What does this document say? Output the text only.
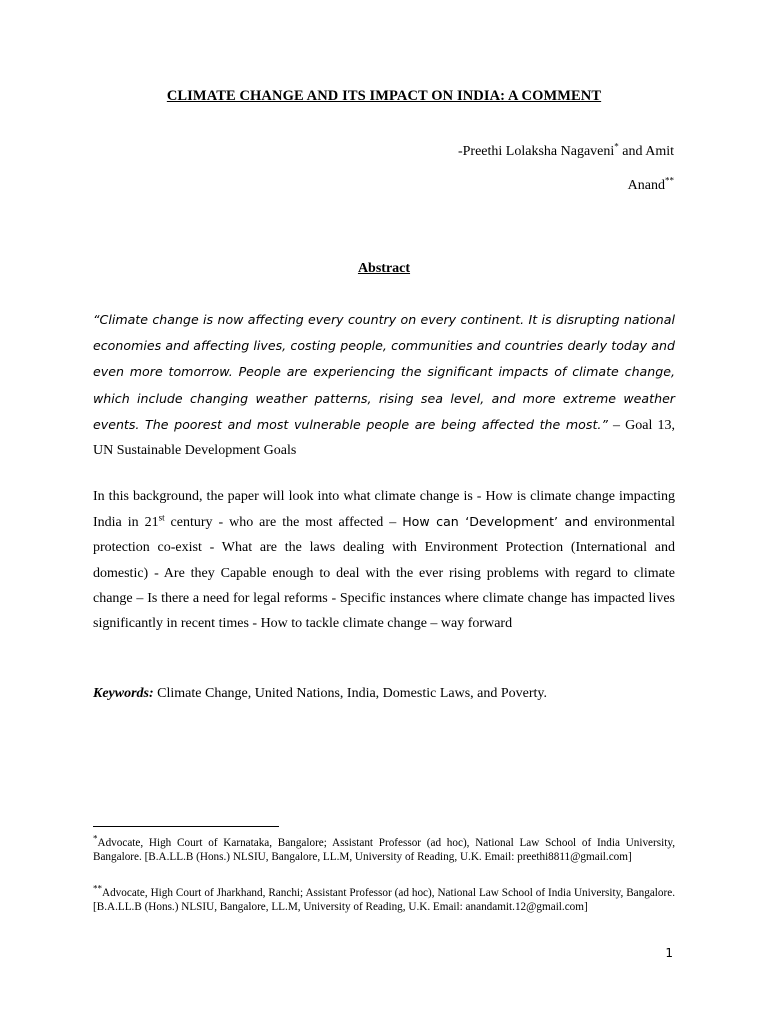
CLIMATE CHANGE AND ITS IMPACT ON INDIA: A COMMENT
-Preethi Lolaksha Nagaveni* and Amit
Anand**
Abstract
“Climate change is now affecting every country on every continent. It is disrupting national economies and affecting lives, costing people, communities and countries dearly today and even more tomorrow. People are experiencing the significant impacts of climate change, which include changing weather patterns, rising sea level, and more extreme weather events. The poorest and most vulnerable people are being affected the most.” – Goal 13, UN Sustainable Development Goals
In this background, the paper will look into what climate change is - How is climate change impacting India in 21st century - who are the most affected – How can ‘Development’ and environmental protection co-exist - What are the laws dealing with Environment Protection (International and domestic) - Are they Capable enough to deal with the ever rising problems with regard to climate change – Is there a need for legal reforms - Specific instances where climate change has impacted lives significantly in recent times - How to tackle climate change – way forward
Keywords: Climate Change, United Nations, India, Domestic Laws, and Poverty.
*Advocate, High Court of Karnataka, Bangalore; Assistant Professor (ad hoc), National Law School of India University, Bangalore. [B.A.LL.B (Hons.) NLSIU, Bangalore, LL.M, University of Reading, U.K. Email: preethi8811@gmail.com]
**Advocate, High Court of Jharkhand, Ranchi; Assistant Professor (ad hoc), National Law School of India University, Bangalore. [B.A.LL.B (Hons.) NLSIU, Bangalore, LL.M, University of Reading, U.K. Email: anandamit.12@gmail.com]
1
